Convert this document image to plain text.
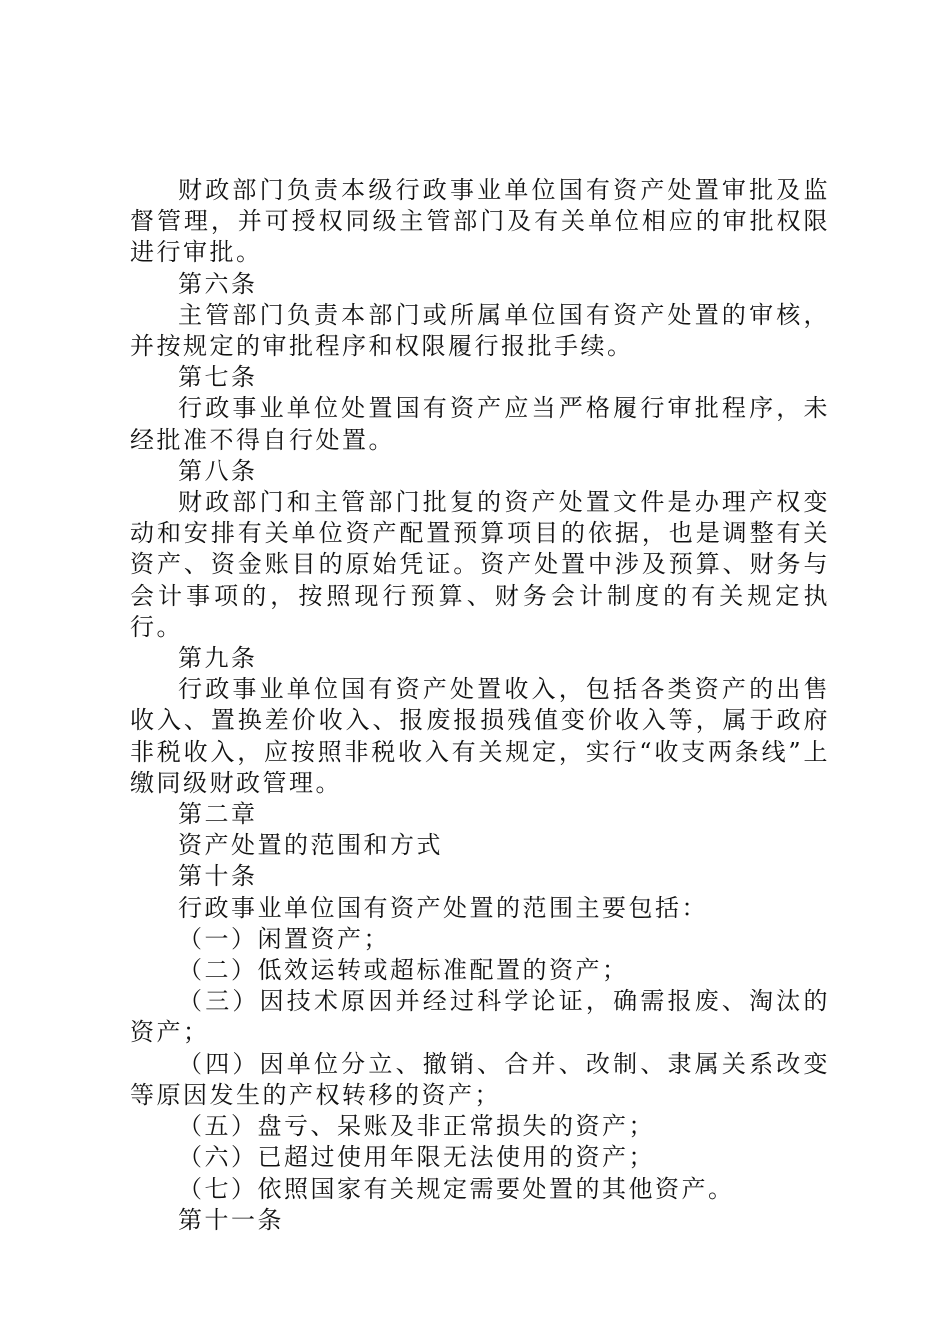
财政部门负责本级行政事业单位国有资产处置审批及监督管理，并可授权同级主管部门及有关单位相应的审批权限进行审批。

第六条

主管部门负责本部门或所属单位国有资产处置的审核，并按规定的审批程序和权限履行报批手续。

第七条

行政事业单位处置国有资产应当严格履行审批程序，未经批准不得自行处置。

第八条

财政部门和主管部门批复的资产处置文件是办理产权变动和安排有关单位资产配置预算项目的依据，也是调整有关资产、资金账目的原始凭证。资产处置中涉及预算、财务与会计事项的，按照现行预算、财务会计制度的有关规定执行。

第九条

行政事业单位国有资产处置收入，包括各类资产的出售收入、置换差价收入、报废报损残值变价收入等，属于政府非税收入，应按照非税收入有关规定，实行“收支两条线”上缴同级财政管理。

第二章

资产处置的范围和方式

第十条

行政事业单位国有资产处置的范围主要包括：

（一）闲置资产；

（二）低效运转或超标准配置的资产；

（三）因技术原因并经过科学论证，确需报废、淘汰的资产；

（四）因单位分立、撤销、合并、改制、隶属关系改变等原因发生的产权转移的资产；

（五）盘亏、呆账及非正常损失的资产；

（六）已超过使用年限无法使用的资产；

（七）依照国家有关规定需要处置的其他资产。

第十一条
